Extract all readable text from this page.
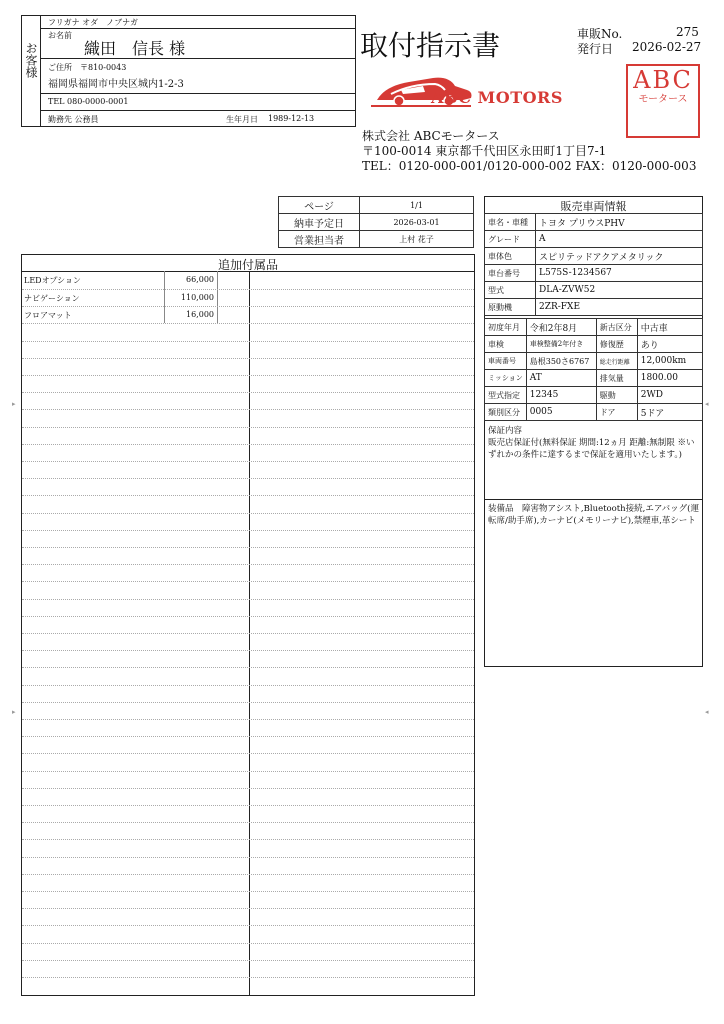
お客様
フリガナ オダ　ノブナガ
お名前
織田　信長 様
ご住所 〒810-0043
福岡県福岡市中央区城内1-2-3
TEL 080-0000-0001
勤務先 公務員	生年月日 1989-12-13
取付指示書	車販No.	275
発行日 2026-02-27
ABC MOTORS
ABC
モータース
株式会社 ABCモータース
〒100-0014 東京都千代田区永田町1丁目7-1
TEL：0120-000-001/0120-000-002 FAX：0120-000-003
ページ	1/1
納車予定日	2026-03-01
営業担当者	上村 花子
追加付属品
LEDオプション	66,000
ナビゲーション	110,000
フロアマット	16,000
販売車両情報
車名・車種	トヨタ プリウスPHV
グレード	A
車体色	スピリテッドアクアメタリック
車台番号	L575S-1234567
型式	DLA-ZVW52
原動機	2ZR-FXE
初度年月	令和2年8月	新古区分	中古車
車検	車検整備2年付き	修復歴	あり
車両番号	島根350さ6767	総走行距離	12,000km
ミッション	AT	排気量	1800.00
型式指定	12345	駆動	2WD
類別区分	0005	ドア	5ドア
保証内容
販売店保証付(無料保証 期間:12ヵ月 距離:無制限 ※いずれかの条件に達するまで保証を適用いたします。)
装備品　 障害物アシスト,Bluetooth接続,エアバッグ(運転席/助手席),カーナビ(メモリーナビ),禁煙車,革シート
▸
▸
◂
◂
